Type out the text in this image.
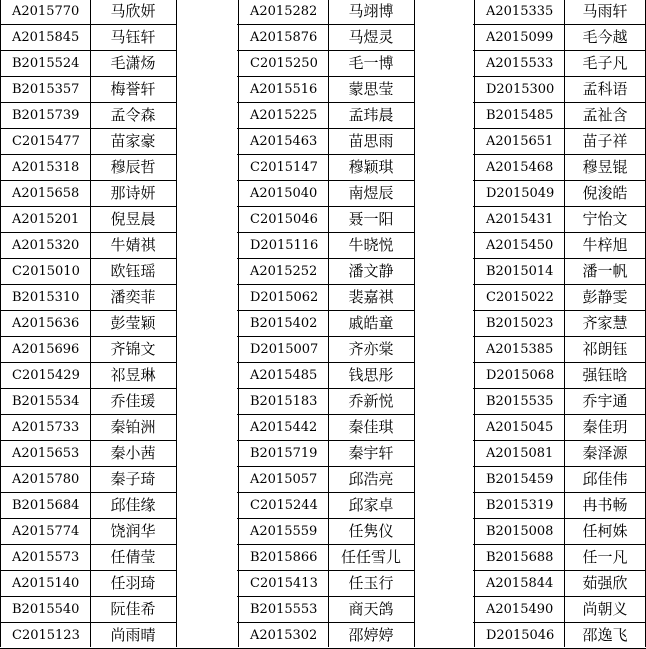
A2015770	马欣妍	A2015282	马翊博	A2015335	马雨轩
A2015845	马钰轩	A2015876	马煜灵	A2015099	毛今越
B2015524	毛潇炀	C2015250	毛一博	A2015533	毛子凡
B2015357	梅誉轩	A2015516	蒙思莹	D2015300	孟科语
B2015739	孟令森	A2015225	孟玮晨	B2015485	孟祉含
C2015477	苗家豪	A2015463	苗思雨	A2015651	苗子祥
A2015318	穆辰哲	C2015147	穆颖琪	A2015468	穆昱锟
A2015658	那诗妍	A2015040	南煜辰	D2015049	倪浚皓
A2015201	倪昱晨	C2015046	聂一阳	A2015431	宁怡文
A2015320	牛婧祺	D2015116	牛晓悦	A2015450	牛梓旭
C2015010	欧钰瑶	A2015252	潘文静	B2015014	潘一帆
B2015310	潘奕菲	D2015062	裴嘉祺	C2015022	彭静雯
A2015636	彭莹颖	B2015402	戚皓童	B2015023	齐家慧
A2015696	齐锦文	D2015007	齐亦棠	A2015385	祁朗钰
C2015429	祁昱琳	A2015485	钱思彤	D2015068	强钰晗
B2015534	乔佳瑗	B2015183	乔新悦	B2015535	乔宇通
A2015733	秦铂洲	A2015442	秦佳琪	A2015045	秦佳玥
A2015653	秦小茜	B2015719	秦宇轩	A2015081	秦泽源
A2015780	秦子琦	A2015057	邱浩亮	B2015459	邱佳伟
B2015684	邱佳缘	C2015244	邱家卓	B2015319	冉书畅
A2015774	饶润华	A2015559	任隽仪	B2015008	任柯姝
A2015573	任倩莹	B2015866	任任雪儿	B2015688	任一凡
A2015140	任羽琦	C2015413	任玉行	A2015844	茹强欣
B2015540	阮佳希	B2015553	商天鸽	A2015490	尚朝义
C2015123	尚雨晴	A2015302	邵婷婷	D2015046	邵逸飞
